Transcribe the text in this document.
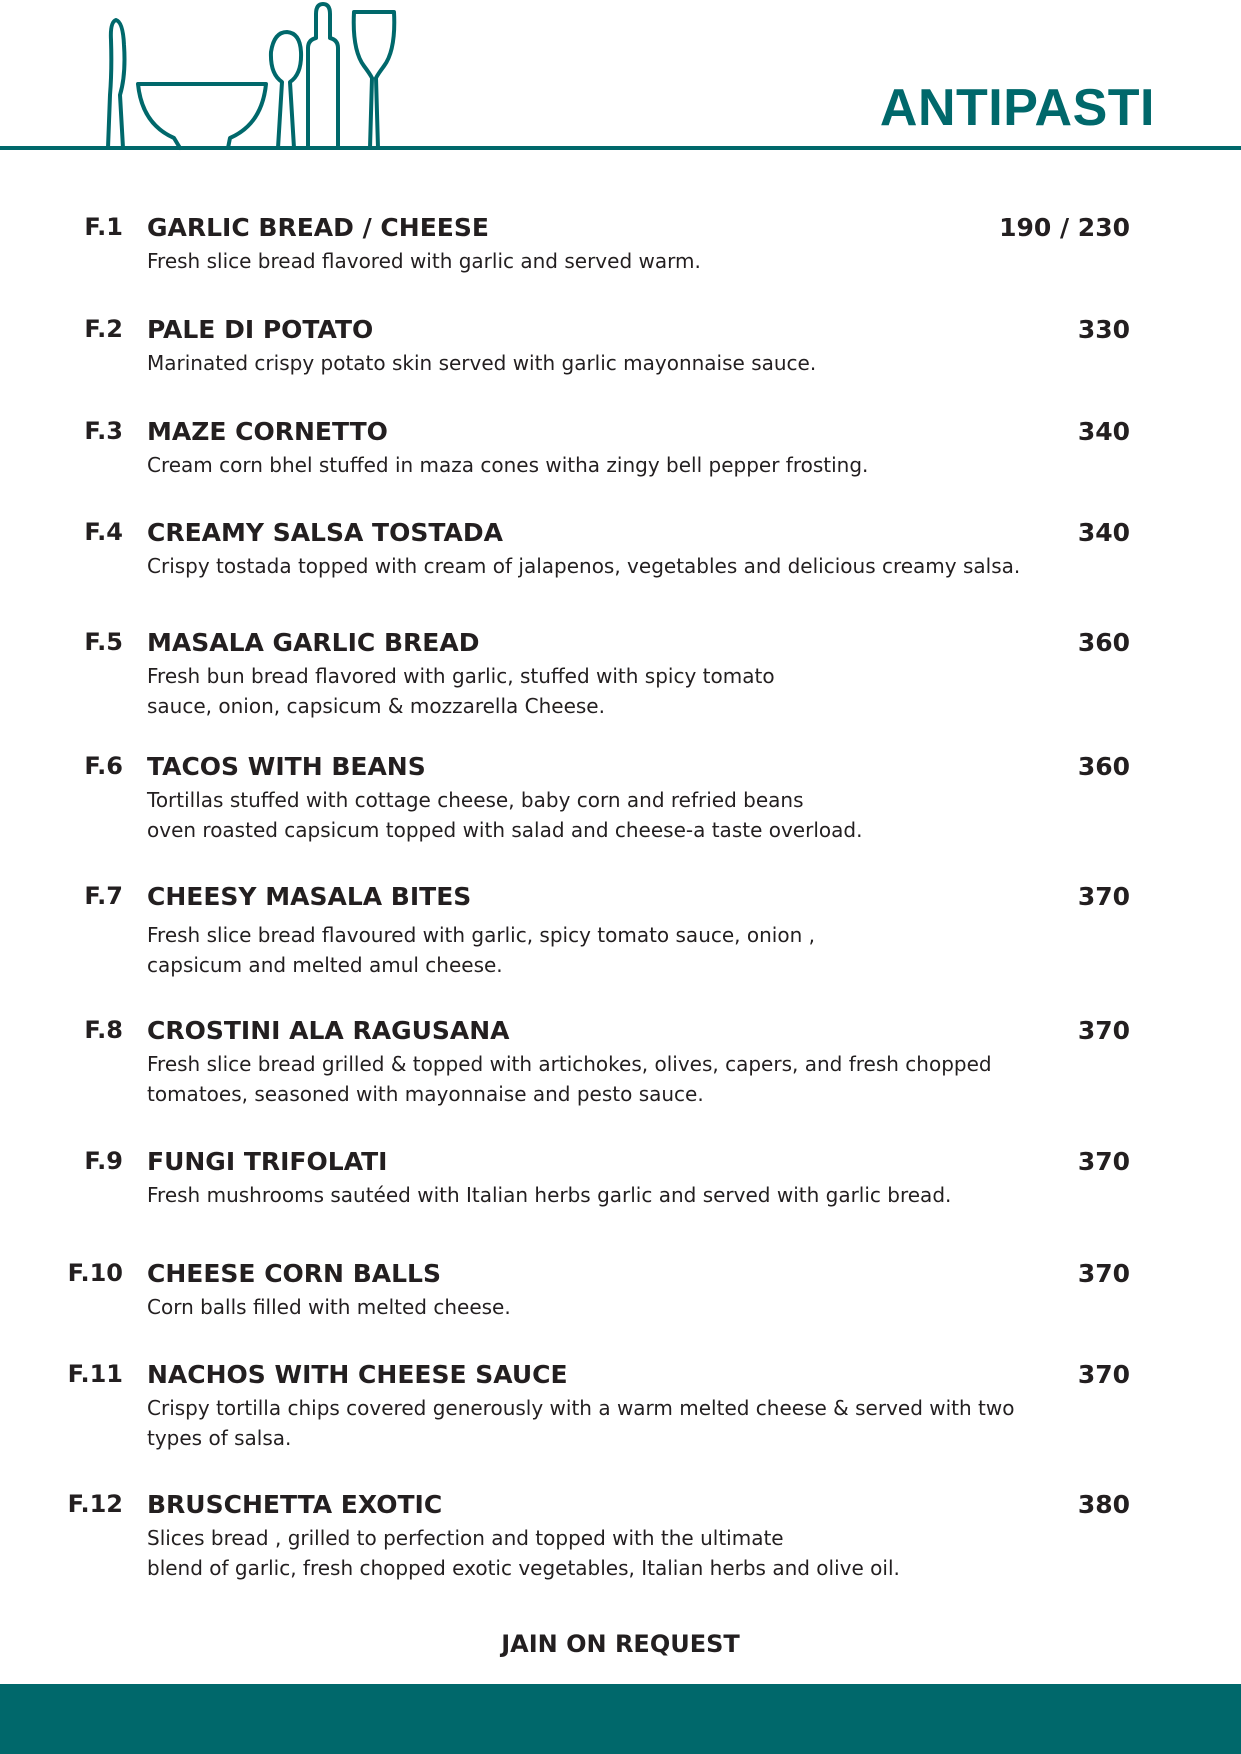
ANTIPASTI
F.1 GARLIC BREAD / CHEESE	190 / 230
Fresh slice bread flavored with garlic and served warm.
F.2 PALE DI POTATO	330
Marinated crispy potato skin served with garlic mayonnaise sauce.
F.3 MAZE CORNETTO	340
Cream corn bhel stuffed in maza cones witha zingy bell pepper frosting.
F.4 CREAMY SALSA TOSTADA	340
Crispy tostada topped with cream of jalapenos, vegetables and delicious creamy salsa.
F.5 MASALA GARLIC BREAD	360
Fresh bun bread flavored with garlic, stuffed with spicy tomato
sauce, onion, capsicum & mozzarella Cheese.
F.6 TACOS WITH BEANS	360
Tortillas stuffed with cottage cheese, baby corn and refried beans
oven roasted capsicum topped with salad and cheese-a taste overload.
F.7 CHEESY MASALA BITES	370
Fresh slice bread flavoured with garlic, spicy tomato sauce, onion ,
capsicum and melted amul cheese.
F.8 CROSTINI ALA RAGUSANA	370
Fresh slice bread grilled & topped with artichokes, olives, capers, and fresh chopped
tomatoes, seasoned with mayonnaise and pesto sauce.
F.9 FUNGI TRIFOLATI	370
Fresh mushrooms sautéed with Italian herbs garlic and served with garlic bread.
F.10 CHEESE CORN BALLS	370
Corn balls filled with melted cheese.
F.11 NACHOS WITH CHEESE SAUCE	370
Crispy tortilla chips covered generously with a warm melted cheese & served with two
types of salsa.
F.12 BRUSCHETTA EXOTIC	380
Slices bread , grilled to perfection and topped with the ultimate
blend of garlic, fresh chopped exotic vegetables, Italian herbs and olive oil.
JAIN ON REQUEST
